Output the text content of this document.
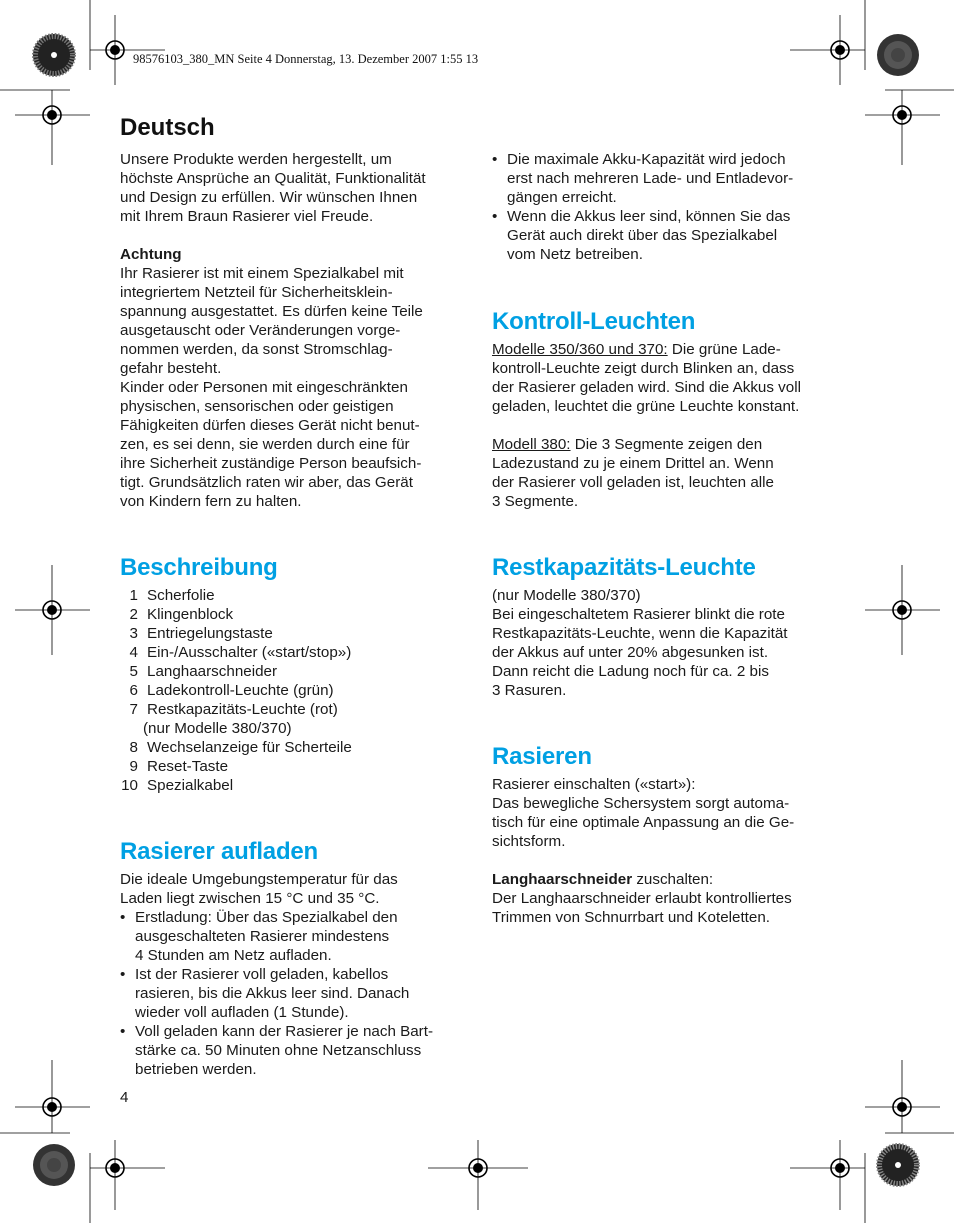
98576103_380_MN Seite 4 Donnerstag, 13. Dezember 2007 1:55 13
Deutsch

Unsere Produkte werden hergestellt, um

höchste Ansprüche an Qualität, Funktionalität

und Design zu erfüllen. Wir wünschen Ihnen

mit Ihrem Braun Rasierer viel Freude.

Achtung

Ihr Rasierer ist mit einem Spezialkabel mit

integriertem Netzteil für Sicherheitsklein-

spannung ausgestattet. Es dürfen keine Teile

ausgetauscht oder Veränderungen vorge-

nommen werden, da sonst Stromschlag-

gefahr besteht.

Kinder oder Personen mit eingeschränkten

physischen, sensorischen oder geistigen

Fähigkeiten dürfen dieses Gerät nicht benut-

zen, es sei denn, sie werden durch eine für

ihre Sicherheit zuständige Person beaufsich-

tigt. Grundsätzlich raten wir aber, das Gerät

von Kindern fern zu halten.

Beschreibung
1 Scherfolie
2 Klingenblock
3 Entriegelungstaste
4 Ein-/Ausschalter («start/stop»)
5 Langhaarschneider
6 Ladekontroll-Leuchte (grün)
7 Restkapazitäts-Leuchte (rot)
(nur Modelle 380/370)
8 Wechselanzeige für Scherteile
9 Reset-Taste
10 Spezialkabel
Rasierer aufladen

Die ideale Umgebungstemperatur für das

Laden liegt zwischen 15 °C und 35 °C.

• Erstladung: Über das Spezialkabel den

ausgeschalteten Rasierer mindestens

4 Stunden am Netz aufladen.

• Ist der Rasierer voll geladen, kabellos

rasieren, bis die Akkus leer sind. Danach

wieder voll aufladen (1 Stunde).

• Voll geladen kann der Rasierer je nach Bart-

stärke ca. 50 Minuten ohne Netzanschluss

betrieben werden.

4

• Die maximale Akku-Kapazität wird jedoch

erst nach mehreren Lade- und Entladevor-

gängen erreicht.

• Wenn die Akkus leer sind, können Sie das

Gerät auch direkt über das Spezialkabel

vom Netz betreiben.

Kontroll-Leuchten

Modelle 350/360 und 370: Die grüne Lade-

kontroll-Leuchte zeigt durch Blinken an, dass

der Rasierer geladen wird. Sind die Akkus voll

geladen, leuchtet die grüne Leuchte konstant.

Modell 380: Die 3 Segmente zeigen den

Ladezustand zu je einem Drittel an. Wenn

der Rasierer voll geladen ist, leuchten alle

3 Segmente.

Restkapazitäts-Leuchte

(nur Modelle 380/370)

Bei eingeschaltetem Rasierer blinkt die rote

Restkapazitäts-Leuchte, wenn die Kapazität

der Akkus auf unter 20% abgesunken ist.

Dann reicht die Ladung noch für ca. 2 bis

3 Rasuren.

Rasieren

Rasierer einschalten («start»):

Das bewegliche Schersystem sorgt automa-

tisch für eine optimale Anpassung an die Ge-

sichtsform.

Langhaarschneider zuschalten:

Der Langhaarschneider erlaubt kontrolliertes

Trimmen von Schnurrbart und Koteletten.
